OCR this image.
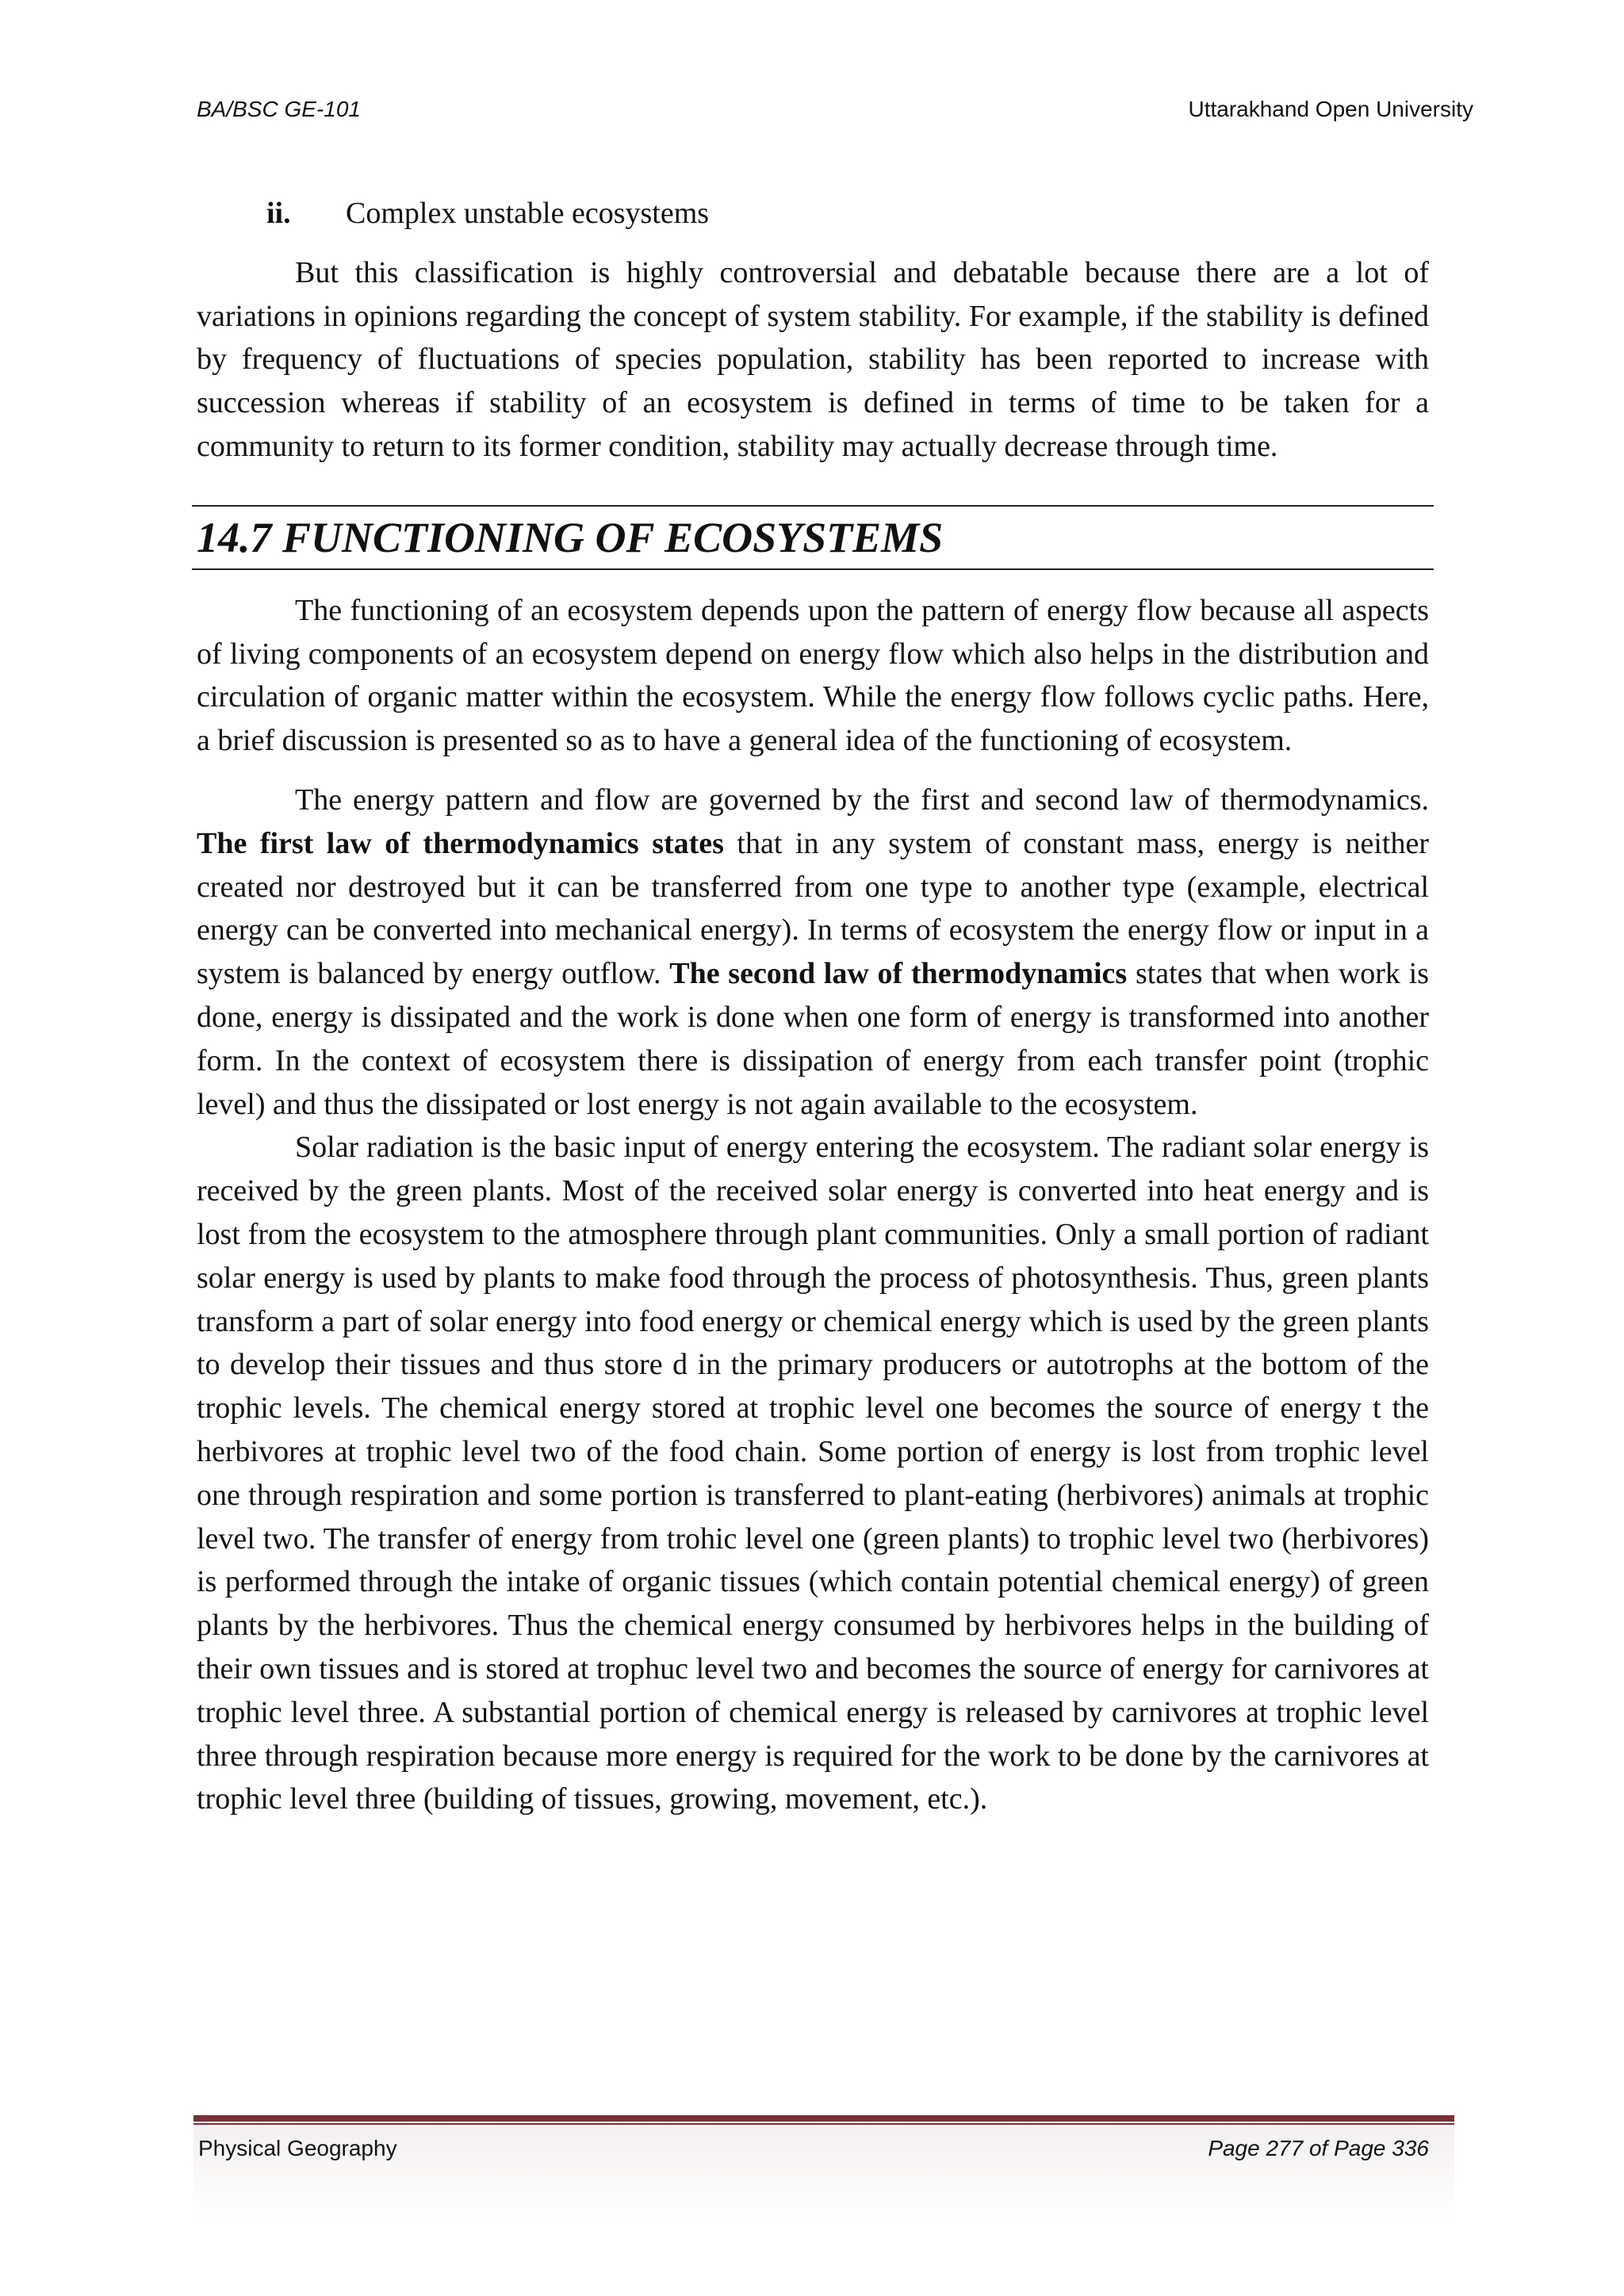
BA/BSC GE-101	Uttarakhand Open University
ii.	Complex unstable ecosystems

But this classification is highly controversial and debatable because there are a lot of variations in opinions regarding the concept of system stability. For example, if the stability is defined by frequency of fluctuations of species population, stability has been reported to increase with succession whereas if stability of an ecosystem is defined in terms of time to be taken for a community to return to its former condition, stability may actually decrease through time.

14.7 FUNCTIONING OF ECOSYSTEMS

The functioning of an ecosystem depends upon the pattern of energy flow because all aspects of living components of an ecosystem depend on energy flow which also helps in the distribution and circulation of organic matter within the ecosystem. While the energy flow follows cyclic paths. Here, a brief discussion is presented so as to have a general idea of the functioning of ecosystem.

The energy pattern and flow are governed by the first and second law of thermodynamics. The first law of thermodynamics states that in any system of constant mass, energy is neither created nor destroyed but it can be transferred from one type to another type (example, electrical energy can be converted into mechanical energy). In terms of ecosystem the energy flow or input in a system is balanced by energy outflow. The second law of thermodynamics states that when work is done, energy is dissipated and the work is done when one form of energy is transformed into another form. In the context of ecosystem there is dissipation of energy from each transfer point (trophic level) and thus the dissipated or lost energy is not again available to the ecosystem.

Solar radiation is the basic input of energy entering the ecosystem. The radiant solar energy is received by the green plants. Most of the received solar energy is converted into heat energy and is lost from the ecosystem to the atmosphere through plant communities. Only a small portion of radiant solar energy is used by plants to make food through the process of photosynthesis. Thus, green plants transform a part of solar energy into food energy or chemical energy which is used by the green plants to develop their tissues and thus store d in the primary producers or autotrophs at the bottom of the trophic levels. The chemical energy stored at trophic level one becomes the source of energy t the herbivores at trophic level two of the food chain. Some portion of energy is lost from trophic level one through respiration and some portion is transferred to plant-eating (herbivores) animals at trophic level two. The transfer of energy from trohic level one (green plants) to trophic level two (herbivores) is performed through the intake of organic tissues (which contain potential chemical energy) of green plants by the herbivores. Thus the chemical energy consumed by herbivores helps in the building of their own tissues and is stored at trophuc level two and becomes the source of energy for carnivores at trophic level three. A substantial portion of chemical energy is released by carnivores at trophic level three through respiration because more energy is required for the work to be done by the carnivores at trophic level three (building of tissues, growing, movement, etc.).

Physical Geography	Page 277 of Page 336
